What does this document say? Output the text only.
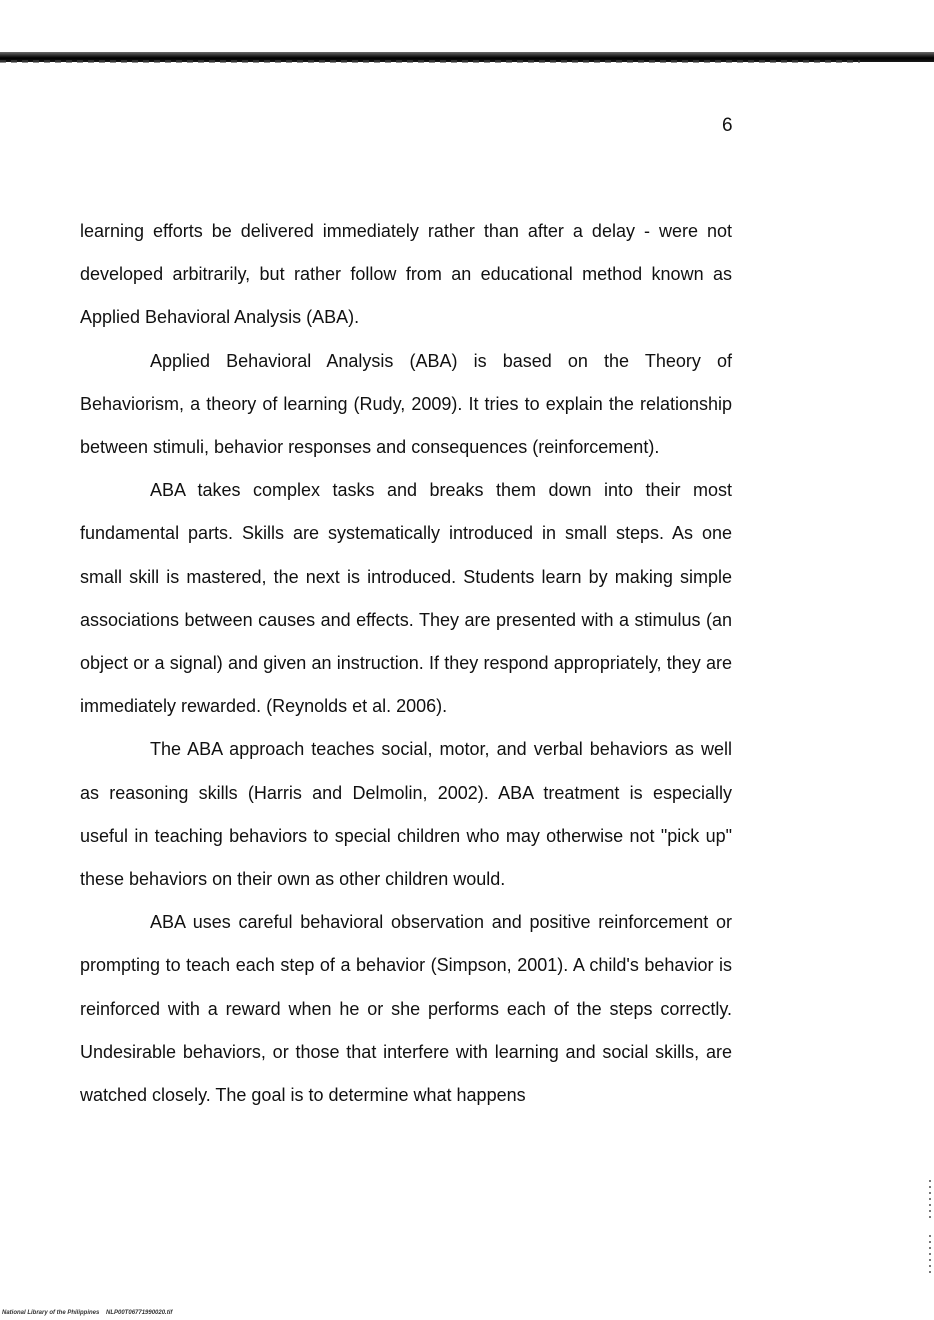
6

learning efforts be delivered immediately rather than after a delay - were not developed arbitrarily, but rather follow from an educational method known as Applied Behavioral Analysis (ABA).

Applied Behavioral Analysis (ABA) is based on the Theory of Behaviorism, a theory of learning (Rudy, 2009). It tries to explain the relationship between stimuli, behavior responses and consequences (reinforcement).

ABA takes complex tasks and breaks them down into their most fundamental parts. Skills are systematically introduced in small steps. As one small skill is mastered, the next is introduced. Students learn by making simple associations between causes and effects. They are presented with a stimulus (an object or a signal) and given an instruction. If they respond appropriately, they are immediately rewarded. (Reynolds et al. 2006).

The ABA approach teaches social, motor, and verbal behaviors as well as reasoning skills (Harris and Delmolin, 2002). ABA treatment is especially useful in teaching behaviors to special children who may otherwise not "pick up" these behaviors on their own as other children would.

ABA uses careful behavioral observation and positive reinforcement or prompting to teach each step of a behavior (Simpson, 2001). A child's behavior is reinforced with a reward when he or she performs each of the steps correctly. Undesirable behaviors, or those that interfere with learning and social skills, are watched closely. The goal is to determine what happens

National Library of the Philippines    NLP00T06771990020.tif
